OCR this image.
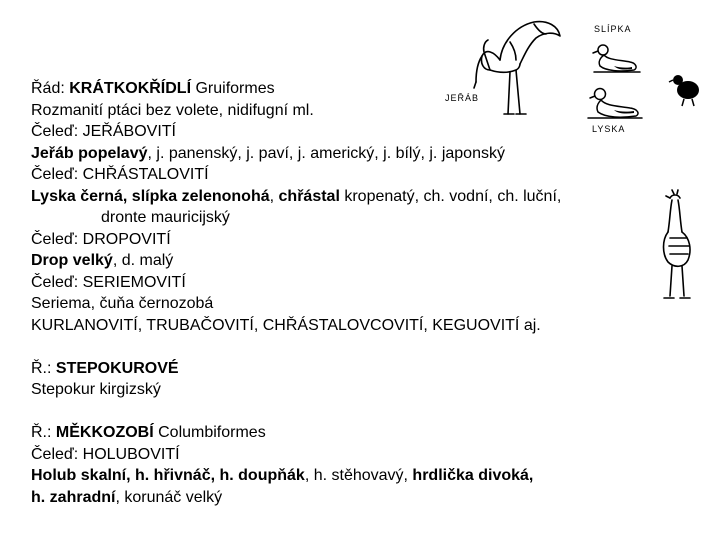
Řád: KRÁTKOKŘÍDLÍ Gruiformes
Rozmanití ptáci bez volete, nidifugní ml.
Čeleď: JEŘÁBOVITÍ
Jeřáb popelavý, j. panenský, j. paví, j. americký, j. bílý, j. japonský
Čeleď: CHŘÁSTALOVITÍ
Lyska černá, slípka zelenonohá, chřástal kropenatý, ch. vodní, ch. luční,
dronte mauricijský
Čeleď: DROPOVITÍ
Drop velký, d. malý
Čeleď: SERIEMOVITÍ
Seriema, čuňa černozobá
KURLANOVITÍ, TRUBAČOVITÍ, CHŘÁSTALOVCOVITÍ, KEGUOVITÍ aj.
Ř.: STEPOKUROVÉ
Stepokur kirgizský
Ř.: MĚKKOZOBÍ Columbiformes
Čeleď: HOLUBOVITÍ
Holub skalní, h. hřivnáč, h. doupňák, h. stěhovavý, hrdlička divoká,
h. zahradní, korunáč velký
JEŘÁB
SLÍPKA
LYSKA
